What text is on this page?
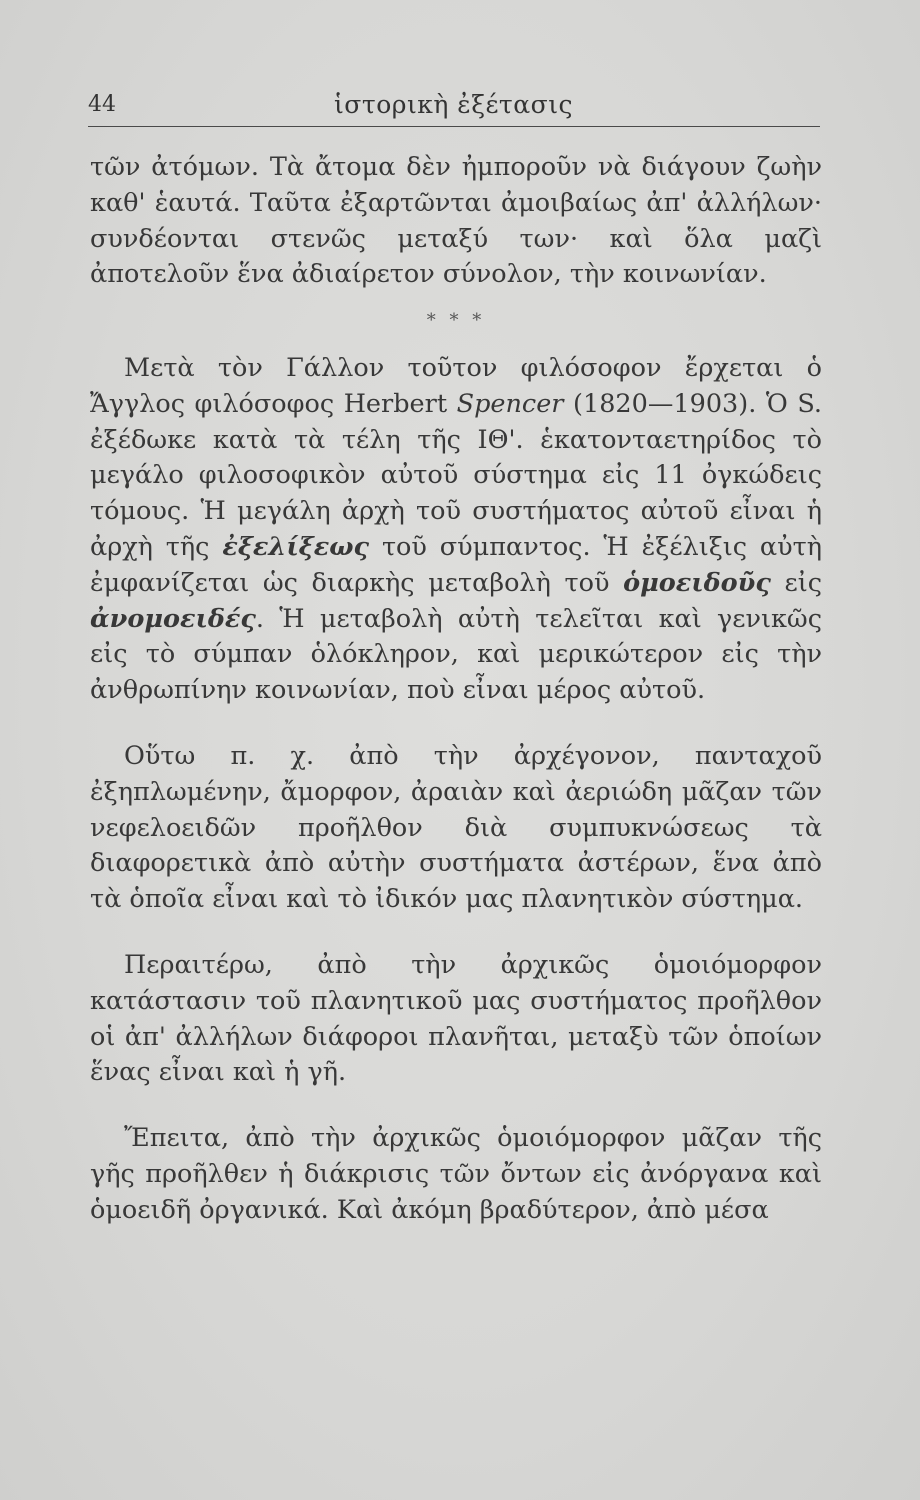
44	ἱστορικὴ ἐξέτασις

τῶν ἀτόμων. Τὰ ἄτομα δὲν ἠμποροῦν νὰ διάγουν ζωὴν καθ' ἑαυτά. Ταῦτα ἐξαρτῶνται ἀμοιβαίως ἀπ' ἀλλήλων· συνδέονται στενῶς μεταξύ των· καὶ ὅλα μαζὶ ἀποτελοῦν ἕνα ἀδιαίρετον σύνολον, τὴν κοινωνίαν.

* * *

Μετὰ τὸν Γάλλον τοῦτον φιλόσοφον ἔρχεται ὁ Ἄγγλος φιλόσοφος Herbert Spencer (1820—1903). Ὁ S. ἐξέδωκε κατὰ τὰ τέλη τῆς ΙΘ'. ἑκατονταετηρίδος τὸ μεγάλο φιλοσοφικὸν αὐτοῦ σύστημα εἰς 11 ὀγκώδεις τόμους. Ἡ μεγάλη ἀρχὴ τοῦ συστήματος αὐτοῦ εἶναι ἡ ἀρχὴ τῆς ἐξελίξεως τοῦ σύμπαντος. Ἡ ἐξέλιξις αὐτὴ ἐμφανίζεται ὡς διαρκὴς μεταβολὴ τοῦ ὁμοειδοῦς εἰς ἀνομοειδές. Ἡ μεταβολὴ αὐτὴ τελεῖται καὶ γενικῶς εἰς τὸ σύμπαν ὁλόκληρον, καὶ μερικώτερον εἰς τὴν ἀνθρωπίνην κοινωνίαν, ποὺ εἶναι μέρος αὐτοῦ.

Οὕτω π. χ. ἀπὸ τὴν ἀρχέγονον, πανταχοῦ ἐξηπλωμένην, ἄμορφον, ἀραιὰν καὶ ἀεριώδη μᾶζαν τῶν νεφελοειδῶν προῆλθον διὰ συμπυκνώσεως τὰ διαφορετικὰ ἀπὸ αὐτὴν συστήματα ἀστέρων, ἕνα ἀπὸ τὰ ὁποῖα εἶναι καὶ τὸ ἰδικόν μας πλανητικὸν σύστημα.

Περαιτέρω, ἀπὸ τὴν ἀρχικῶς ὁμοιόμορφον κατάστασιν τοῦ πλανητικοῦ μας συστήματος προῆλθον οἱ ἀπ' ἀλλήλων διάφοροι πλανῆται, μεταξὺ τῶν ὁποίων ἕνας εἶναι καὶ ἡ γῆ.

Ἔπειτα, ἀπὸ τὴν ἀρχικῶς ὁμοιόμορφον μᾶζαν τῆς γῆς προῆλθεν ἡ διάκρισις τῶν ὄντων εἰς ἀνόργανα καὶ ὁμοειδῆ ὀργανικά. Καὶ ἀκόμη βραδύτερον, ἀπὸ μέσα
